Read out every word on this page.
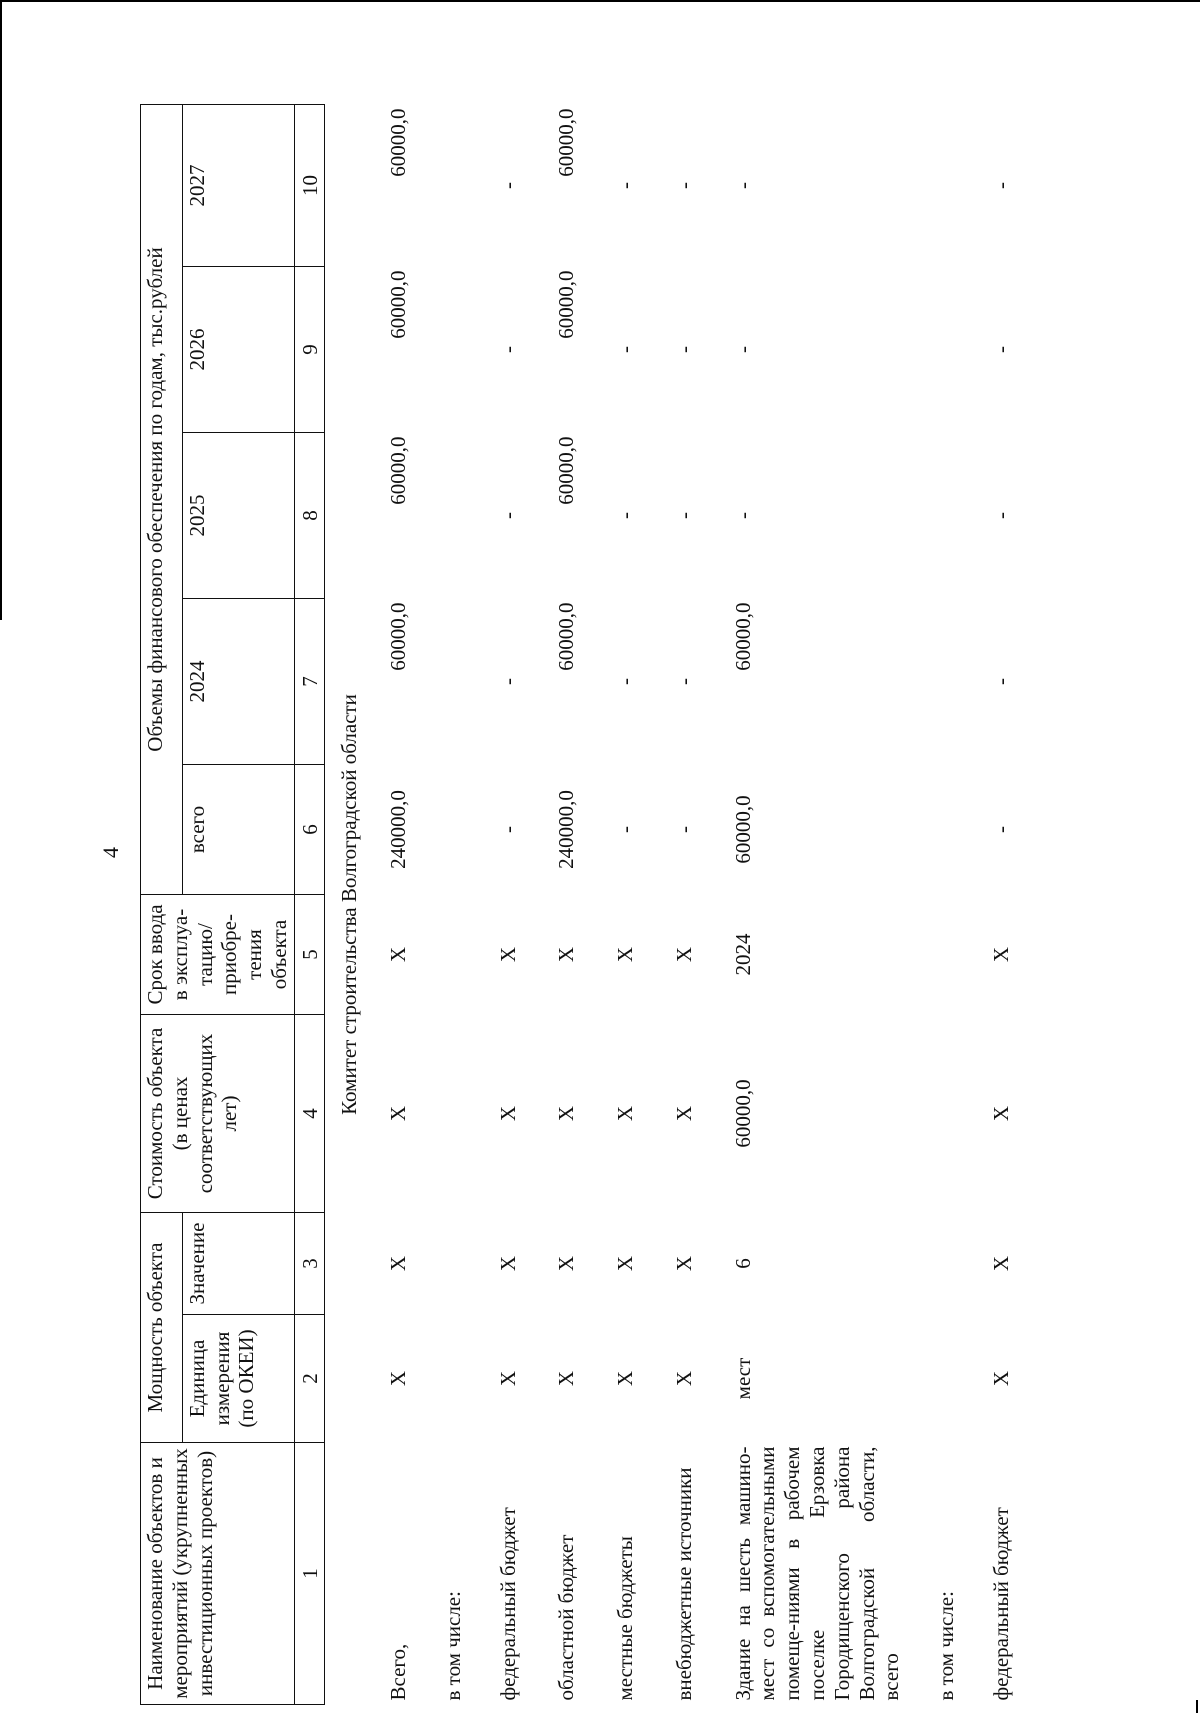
4
Наименование объектов и мероприятий (укрупненных инвестиционных проектов)	Мощность объекта		Стоимость объекта (в ценах соответствующих лет)	Срок ввода в эксплуа-тацию/ приобре-тения объекта	Объемы финансового обеспечения по годам, тыс.рублей				
	Единица измерения (по ОКЕИ)	Значение			всего	2024	2025	2026	2027
1	2	3	4	5	6	7	8	9	10
Комитет строительства Волгоградской области									
Всего,	X	X	X	X	240000,0	60000,0	60000,0	60000,0	60000,0
в том числе:									
федеральный бюджет	X	X	X	X	-	-	-	-	-
областной бюджет	X	X	X	X	240000,0	60000,0	60000,0	60000,0	60000,0
местные бюджеты	X	X	X	X	-	-	-	-	-
внебюджетные источники	X	X	X	X	-	-	-	-	-
Здание на шесть машино-мест со вспомогательными помеще-ниями в рабочем поселке Ерзовка Городищенского района Волгоградской области, всего	мест	6	60000,0	2024	60000,0	60000,0	-	-	-
в том числе:									
федеральный бюджет	X	X	X	X	-	-	-	-	-
